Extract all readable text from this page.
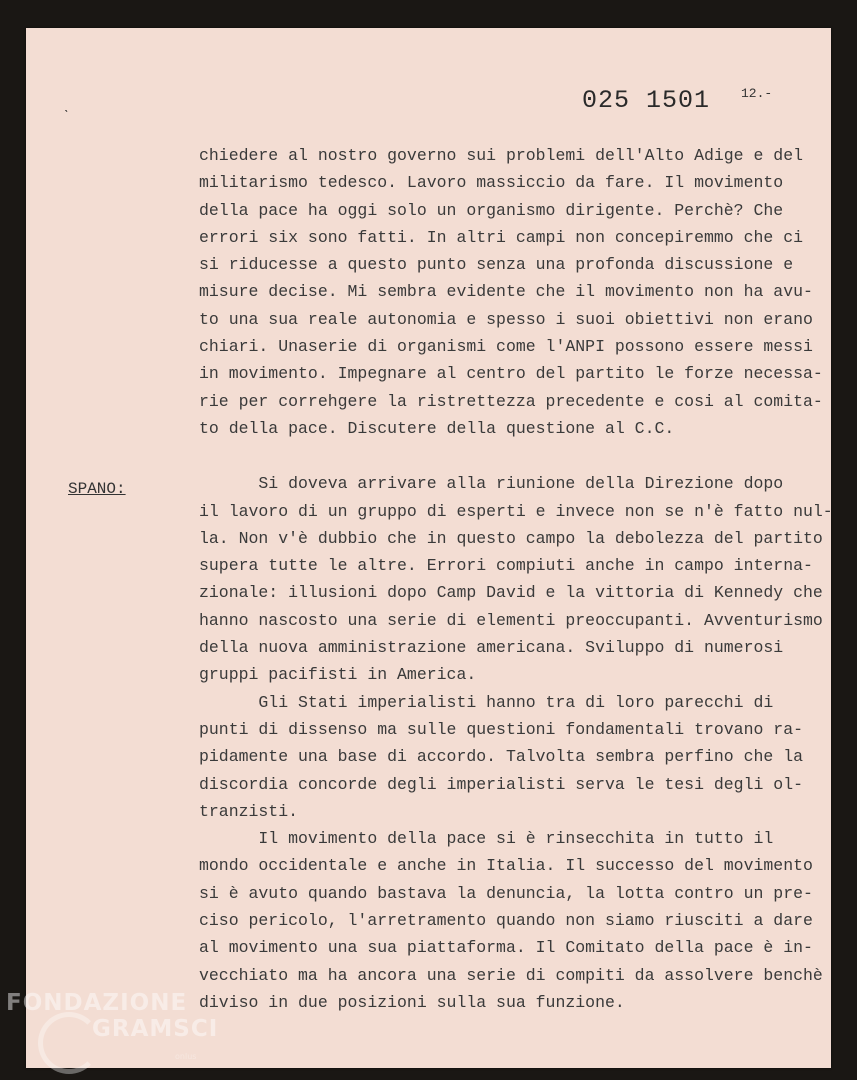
ˎ	025 1501 12.-
SPANO:
chiedere al nostro governo sui problemi dell'Alto Adige e del
militarismo tedesco. Lavoro massiccio da fare. Il movimento
della pace ha oggi solo un organismo dirigente. Perchè? Che
errori six sono fatti. In altri campi non concepiremmo che ci
si riducesse a questo punto senza una profonda discussione e
misure decise. Mi sembra evidente che il movimento non ha avu-
to una sua reale autonomia e spesso i suoi obiettivi non erano
chiari. Unaserie di organismi come l'ANPI possono essere messi
in movimento. Impegnare al centro del partito le forze necessa-
rie per correhgere la ristrettezza precedente e cosi al comita-
to della pace. Discutere della questione al C.C.
Si doveva arrivare alla riunione della Direzione dopo
il lavoro di un gruppo di esperti e invece non se n'è fatto nul-
la. Non v'è dubbio che in questo campo la debolezza del partito
supera tutte le altre. Errori compiuti anche in campo interna-
zionale: illusioni dopo Camp David e la vittoria di Kennedy che
hanno nascosto una serie di elementi preoccupanti. Avventurismo
della nuova amministrazione americana. Sviluppo di numerosi
gruppi pacifisti in America.
Gli Stati imperialisti hanno tra di loro parecchi di
punti di dissenso ma sulle questioni fondamentali trovano ra-
pidamente una base di accordo. Talvolta sembra perfino che la
discordia concorde degli imperialisti serva le tesi degli ol-
tranzisti.
Il movimento della pace si è rinsecchita in tutto il
mondo occidentale e anche in Italia. Il successo del movimento
si è avuto quando bastava la denuncia, la lotta contro un pre-
ciso pericolo, l'arretramento quando non siamo riusciti a dare
al movimento una sua piattaforma. Il Comitato della pace è in-
vecchiato ma ha ancora una serie di compiti da assolvere benchè
diviso in due posizioni sulla sua funzione.
FONDAZIONE
GRAMSCI
onlus
